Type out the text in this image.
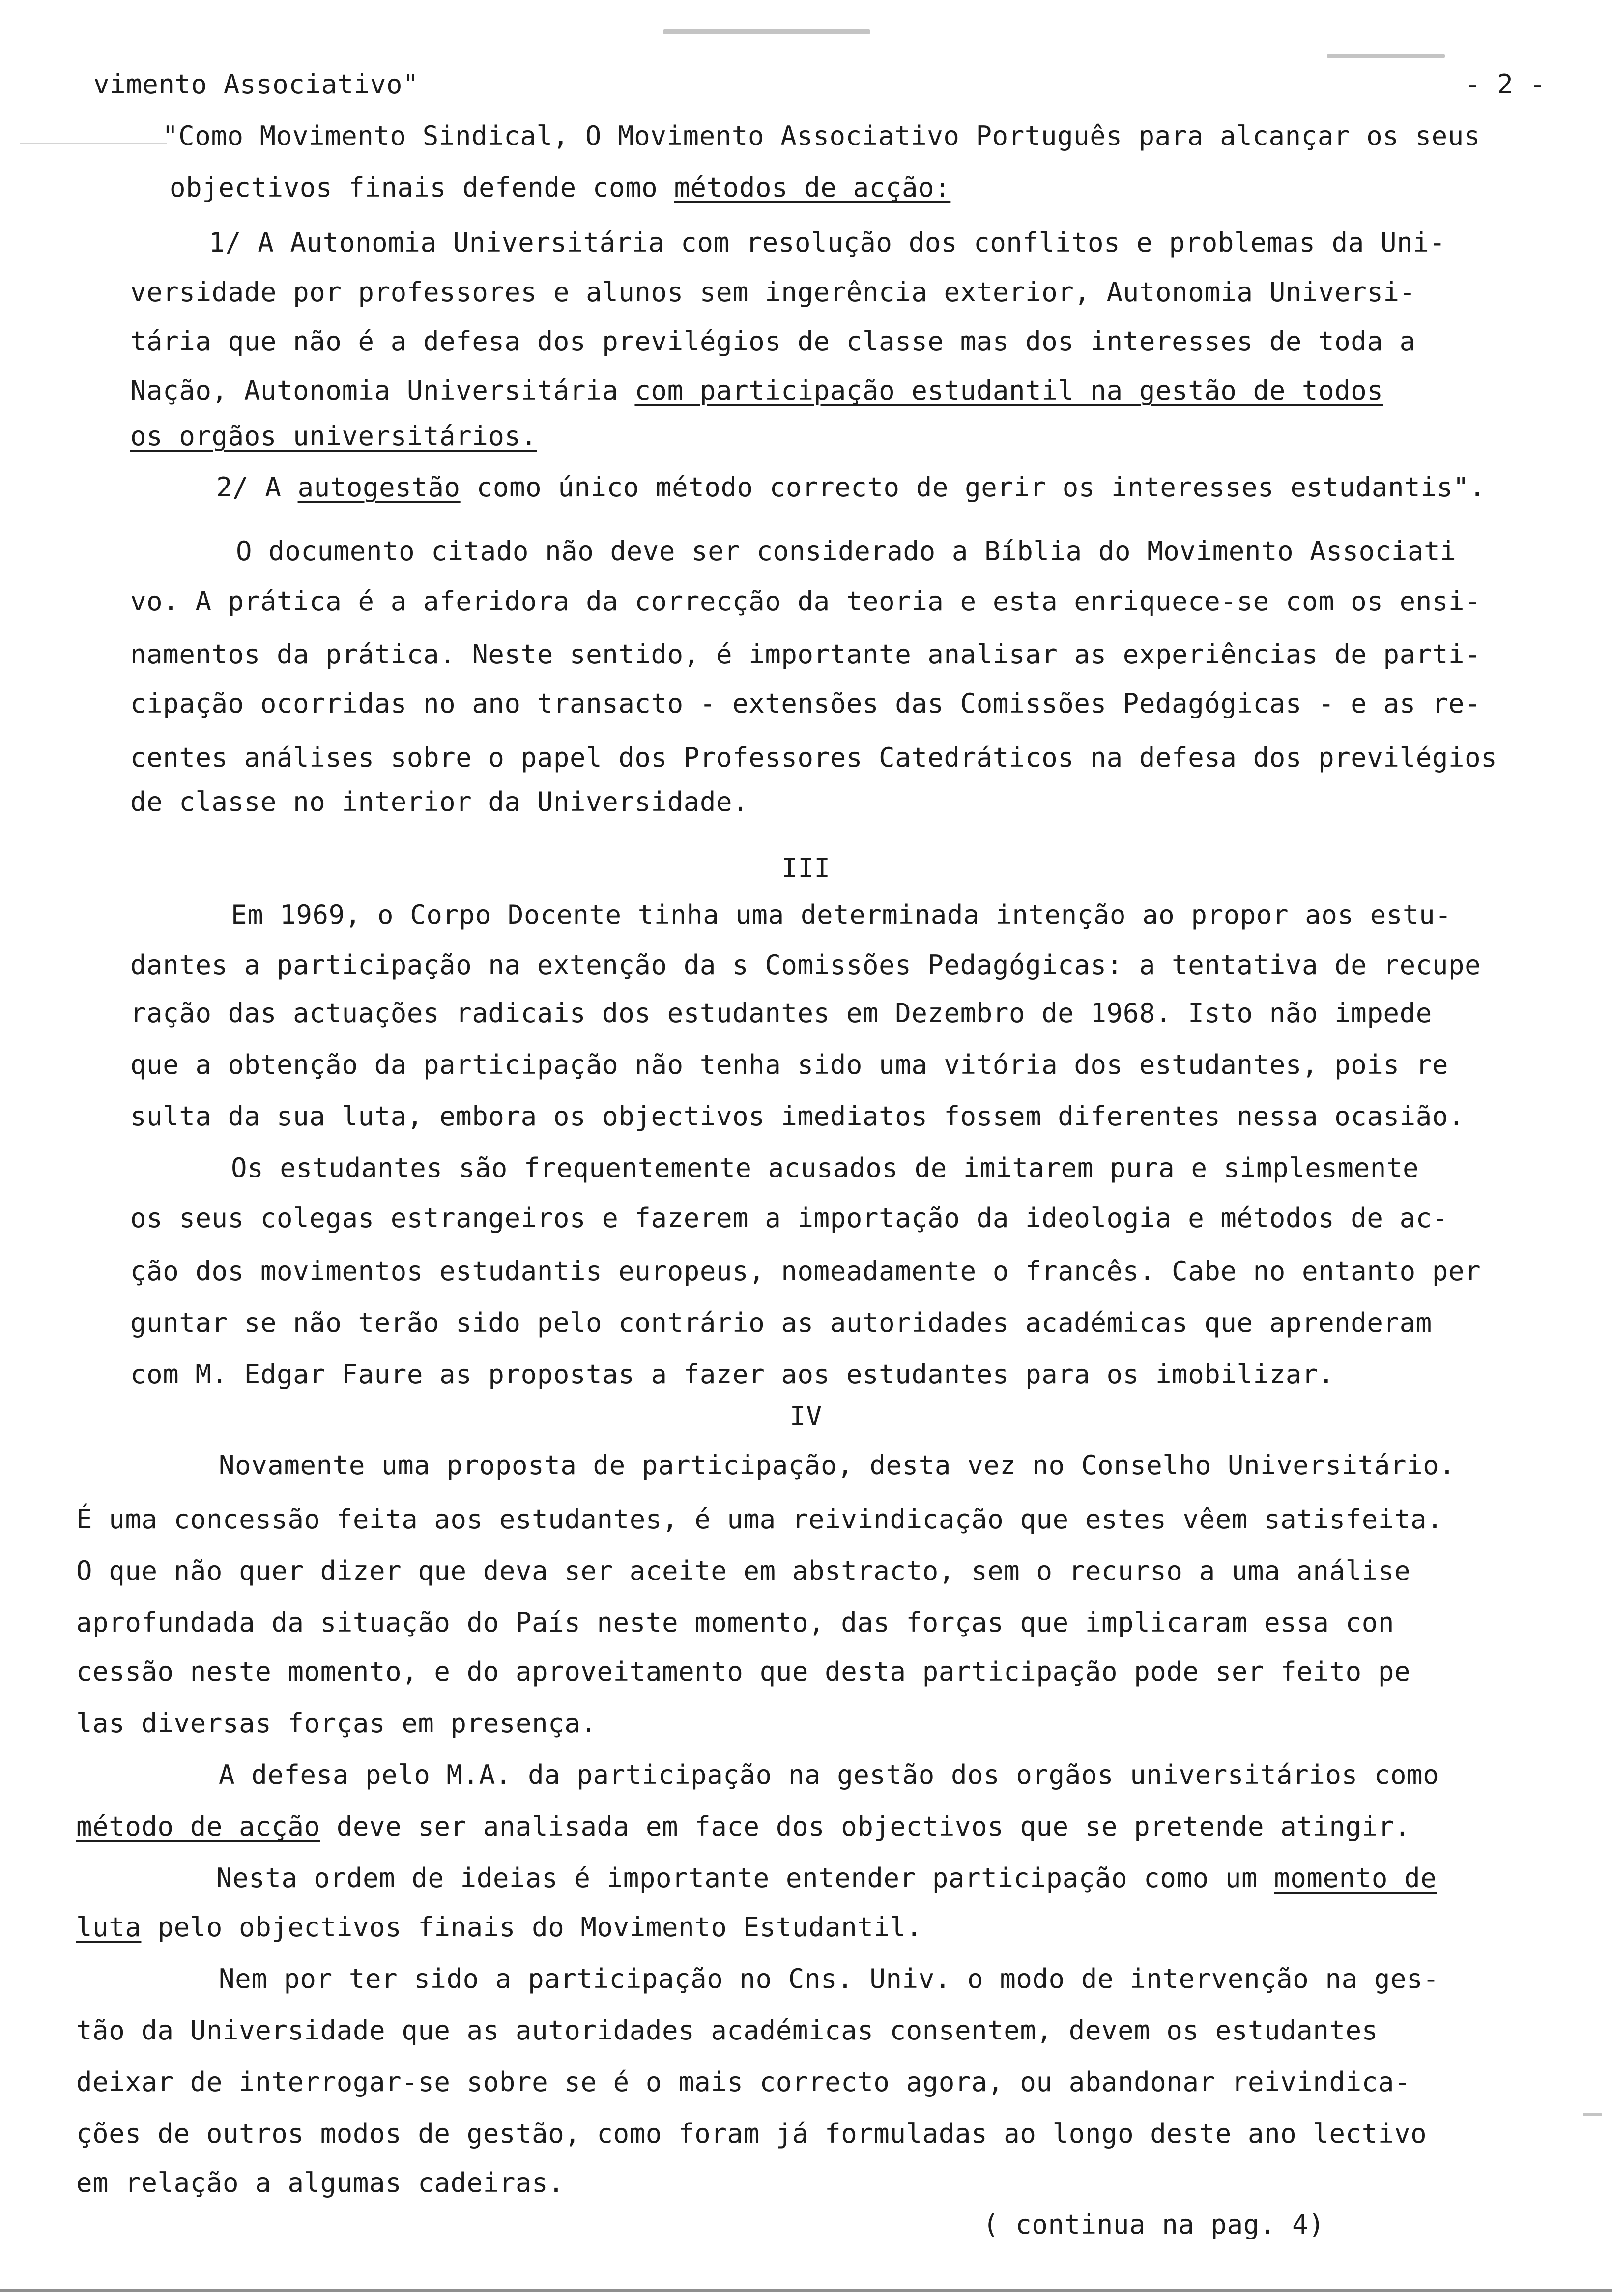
vimento Associativo"	- 2 -
"Como Movimento Sindical, O Movimento Associativo Português para alcançar os seus
objectivos finais defende como métodos de acção:
1/ A Autonomia Universitária com resolução dos conflitos e problemas da Uni-
versidade por professores e alunos sem ingerência exterior, Autonomia Universi-
tária que não é a defesa dos previlégios de classe mas dos interesses de toda a
Nação, Autonomia Universitária com participação estudantil na gestão de todos
os orgãos universitários.
2/ A autogestão como único método correcto de gerir os interesses estudantis".
O documento citado não deve ser considerado a Bíblia do Movimento Associati
vo. A prática é a aferidora da correcção da teoria e esta enriquece-se com os ensi-
namentos da prática. Neste sentido, é importante analisar as experiências de parti-
cipação ocorridas no ano transacto - extensões das Comissões Pedagógicas - e as re-
centes análises sobre o papel dos Professores Catedráticos na defesa dos previlégios
de classe no interior da Universidade.
III
Em 1969, o Corpo Docente tinha uma determinada intenção ao propor aos estu-
dantes a participação na extenção da s Comissões Pedagógicas: a tentativa de recupe
ração das actuações radicais dos estudantes em Dezembro de 1968. Isto não impede
que a obtenção da participação não tenha sido uma vitória dos estudantes, pois re
sulta da sua luta, embora os objectivos imediatos fossem diferentes nessa ocasião.
Os estudantes são frequentemente acusados de imitarem pura e simplesmente
os seus colegas estrangeiros e fazerem a importação da ideologia e métodos de ac-
ção dos movimentos estudantis europeus, nomeadamente o francês. Cabe no entanto per
guntar se não terão sido pelo contrário as autoridades académicas que aprenderam
com M. Edgar Faure as propostas a fazer aos estudantes para os imobilizar.
IV
Novamente uma proposta de participação, desta vez no Conselho Universitário.
É uma concessão feita aos estudantes, é uma reivindicação que estes vêem satisfeita.
O que não quer dizer que deva ser aceite em abstracto, sem o recurso a uma análise
aprofundada da situação do País neste momento, das forças que implicaram essa con
cessão neste momento, e do aproveitamento que desta participação pode ser feito pe
las diversas forças em presença.
A defesa pelo M.A. da participação na gestão dos orgãos universitários como
método de acção deve ser analisada em face dos objectivos que se pretende atingir.
Nesta ordem de ideias é importante entender participação como um momento de
luta pelo objectivos finais do Movimento Estudantil.
Nem por ter sido a participação no Cns. Univ. o modo de intervenção na ges-
tão da Universidade que as autoridades académicas consentem, devem os estudantes
deixar de interrogar-se sobre se é o mais correcto agora, ou abandonar reivindica-
ções de outros modos de gestão, como foram já formuladas ao longo deste ano lectivo
em relação a algumas cadeiras.
( continua na pag. 4)
